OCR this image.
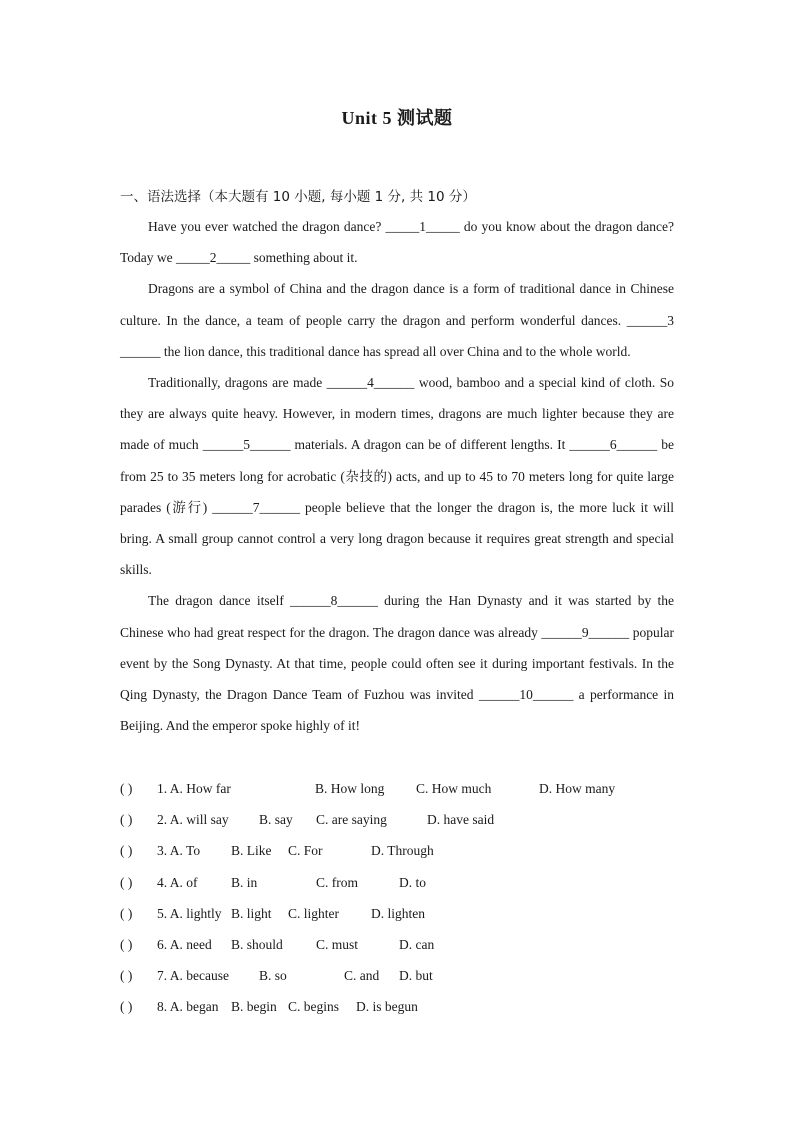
Unit 5 测试题
一、语法选择（本大题有 10 小题, 每小题 1 分, 共 10 分）

Have you ever watched the dragon dance? _____1_____ do you know about the dragon dance? Today we _____2_____ something about it.

Dragons are a symbol of China and the dragon dance is a form of traditional dance in Chinese culture. In the dance, a team of people carry the dragon and perform wonderful dances. ______3 ______ the lion dance, this traditional dance has spread all over China and to the whole world.

Traditionally, dragons are made ______4______ wood, bamboo and a special kind of cloth. So they are always quite heavy. However, in modern times, dragons are much lighter because they are made of much ______5______ materials. A dragon can be of different lengths. It ______6______ be from 25 to 35 meters long for acrobatic (杂技的) acts, and up to 45 to 70 meters long for quite large parades (游行) ______7______ people believe that the longer the dragon is, the more luck it will bring. A small group cannot control a very long dragon because it requires great strength and special skills.

The dragon dance itself ______8______ during the Han Dynasty and it was started by the Chinese who had great respect for the dragon. The dragon dance was already ______9______ popular event by the Song Dynasty. At that time, people could often see it during important festivals. In the Qing Dynasty, the Dragon Dance Team of Fuzhou was invited ______10______ a performance in Beijing. And the emperor spoke highly of it!

( ) 1. A. How far	B. How long C. How much	D. How many
( ) 2. A. will say B. say C. are saying	D. have said
( ) 3. A. To B. Like C. For	D. Through
( ) 4. A. of B. in	C. from	D. to
( ) 5. A. lightly B. light C. lighter D. lighten
( ) 6. A. need B. should C. must	D. can
( ) 7. A. because B. so	C. and D. but
( ) 8. A. began B. begin C. begins D. is begun
